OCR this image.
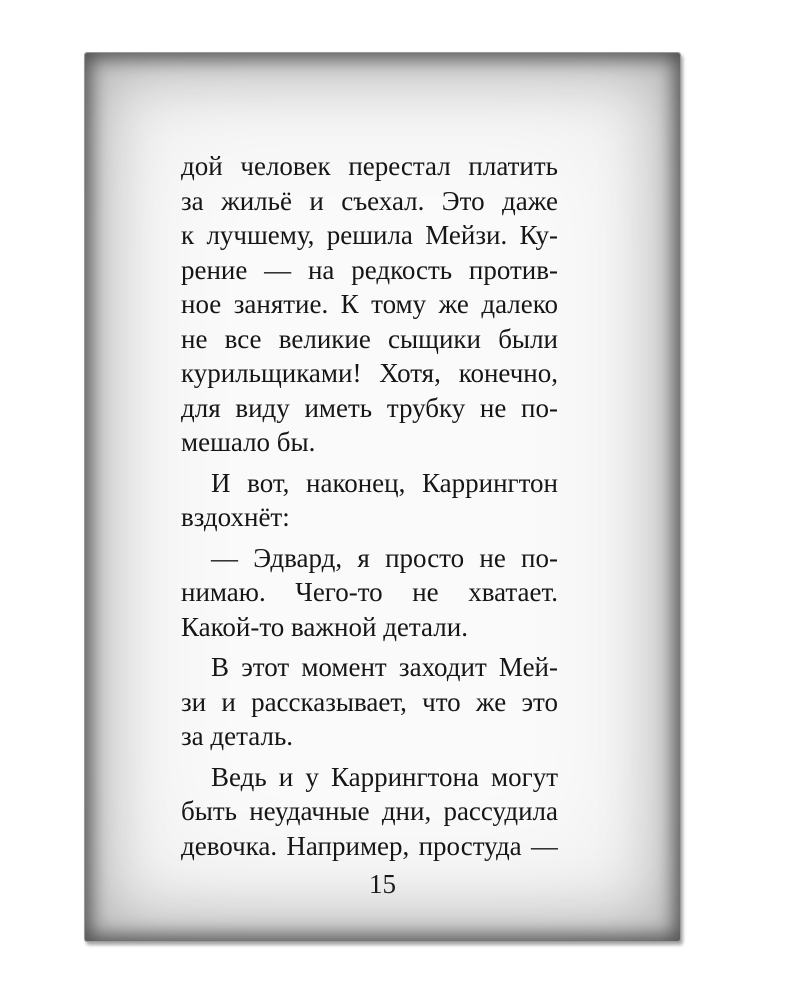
дой человек перестал платить
за жильё и съехал. Это даже
к лучшему, решила Мейзи. Ку-
рение — на редкость против-
ное занятие. К тому же далеко
не все великие сыщики были
курильщиками! Хотя, конечно,
для виду иметь трубку не по-
мешало бы.
И вот, наконец, Каррингтон
вздохнёт:
— Эдвард, я просто не по-
нимаю. Чего-то не хватает.
Какой-то важной детали.
В этот момент заходит Мей-
зи и рассказывает, что же это
за деталь.
Ведь и у Каррингтона могут
быть неудачные дни, рассудила
девочка. Например, простуда —
15
